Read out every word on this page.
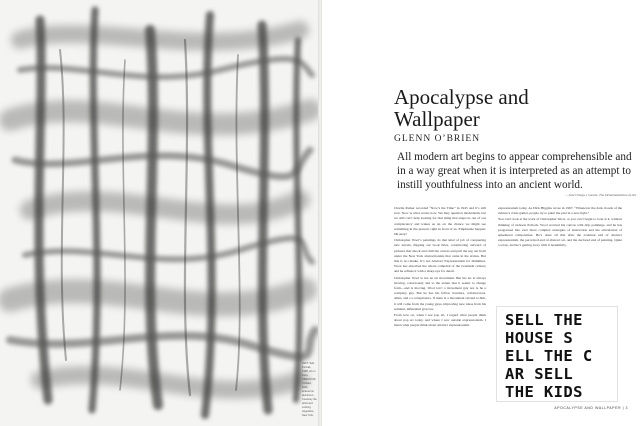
LEFT: Self-Portrait, 1998, oil on linen. PREVIOUS: Untitled, 2011, enamel on aluminum. Courtesy the artist and Luhring Augustine, New York.
Apocalypse and
Wallpaper
GLENN O’BRIEN
All modern art begins to appear comprehensible and in a way great when it is interpreted as an attempt to instill youthfulness into an ancient world.
—José Ortega y Gasset, The Dehumanization of Art

Charlie Parker recorded “Now’s the Time” in 1945 and it’s still now. Now is what works now. We may question modernism, but we still can’t help looking for that thing that snaps us out of our complacency and wakes us up on the chance we might see something in the present, right in front of us. Emphasize happen: Oh snap!

Christopher Wool’s paintings do that kind of job of conquering new terrain, flipping our book titles, constructing outward of pictures that shock and chill the canvas and pull the rug out from under the New York abstractionists that came in the sixties. But this is no rebuke. It’s not Abstract Expressionism for Dummies. Wool has absorbed the whole cathedral of the twentieth century and he refines it with a sharp eye for detail.

Christopher Wool is not an art movement. But his art is always moving, consciously and to the extent that it seems to change form—and is moving. Wool isn’t a movement guy nor is he a company guy. But he has his fellow travelers, collaborators, allies, and co-conspirators. If there is a movement related to him, it will come from the young guys, improving new ideas from his seminal, influential grooves.

From now on, when I see pop art, I regard what people think about pop art today, and where I saw outside expressionism. I mean what people think about abstract expressionism.

expressionism today. As Dick Higgins wrote in 1967, “Whenever the dark clouds of the culture’s crisis gather, people try to paint the past in a new light.”

You can’t look at the work of Christopher Wool, or you can’t begin to look at it, without thinking of Jackson Pollock. Wool worried his canvas with drip paintings, and he has progressed into ever more complex strategies of abstraction and the articulation of ephemeral composition. He’s done all this after the eventual end of abstract expressionism, the perceived end of abstract art, and the declared end of painting. Quite a scrap, and he’s getting away with it beautifully.

SELL THE
HOUSE S
ELL THE C
AR SELL
THE KIDS
APOCALYPSE AND WALLPAPER | 3
